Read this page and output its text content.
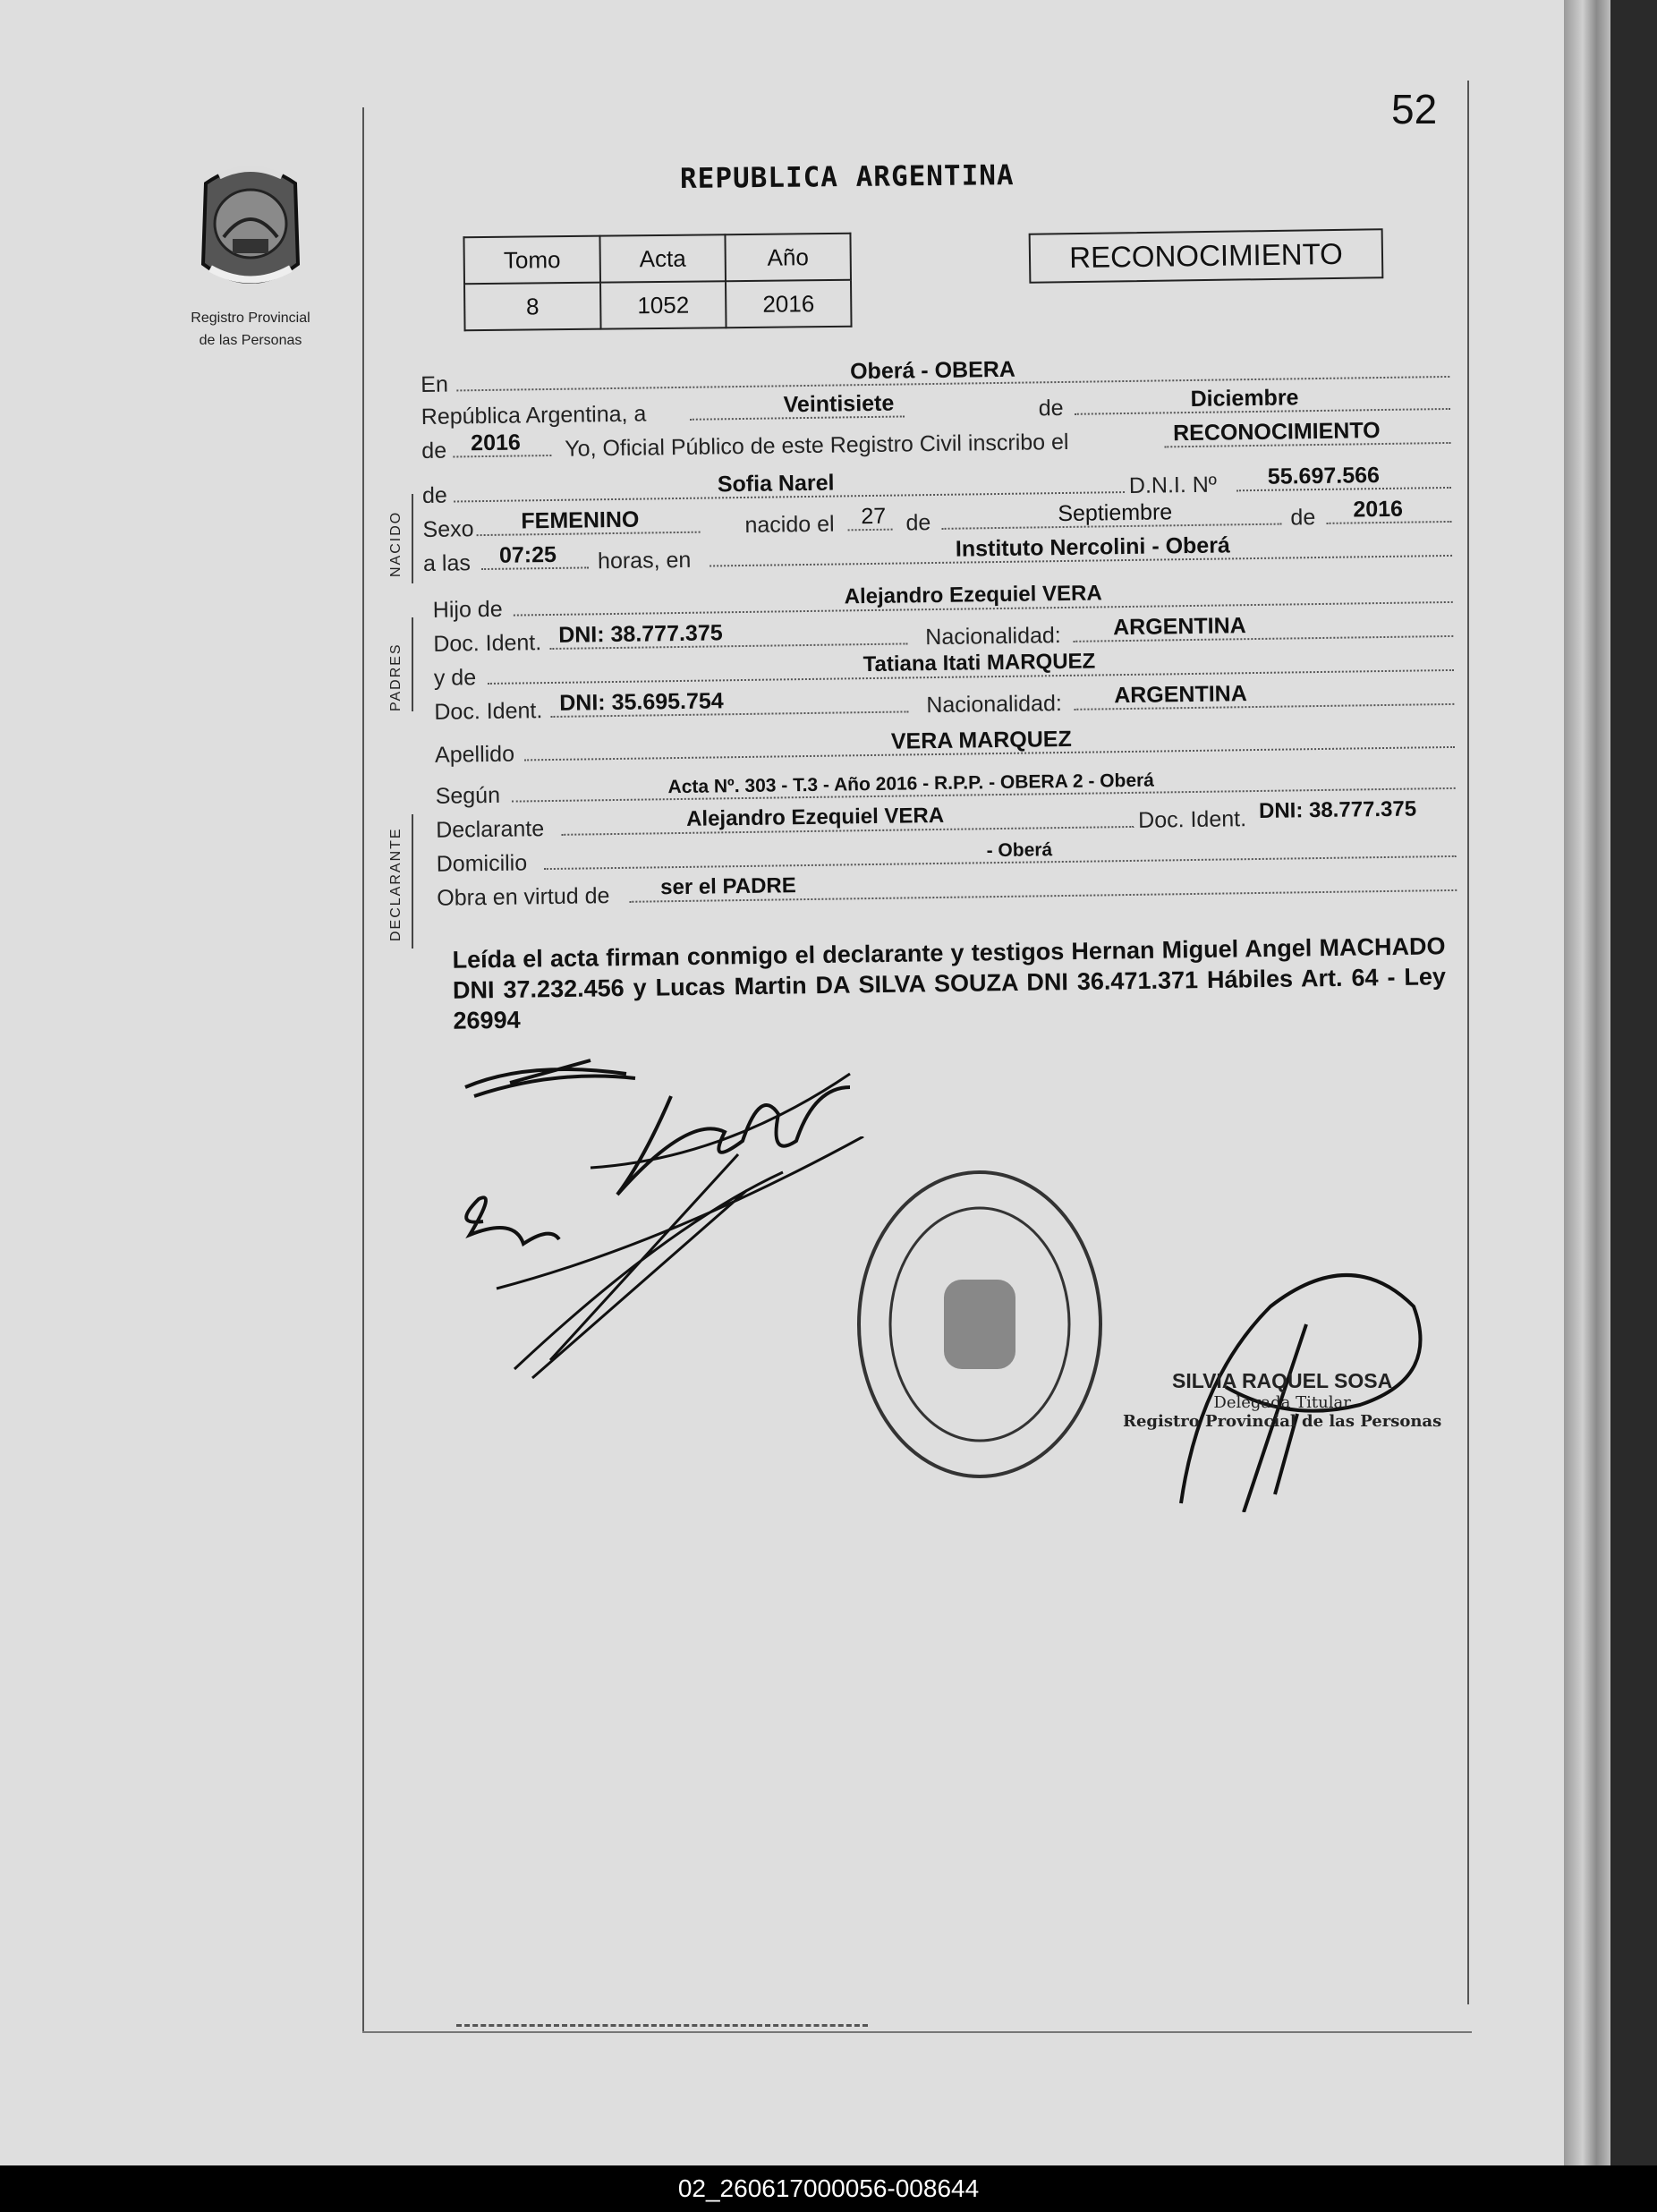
52
Registro Provincial
de las Personas
REPUBLICA ARGENTINA
Tomo	Acta	Año
8	1052	2016
RECONOCIMIENTO
NACIDO
PADRES
DECLARANTE
En
Oberá - OBERA
República Argentina, a	Veintisiete	de	Diciembre
de 2016 Yo, Oficial Público de este Registro Civil inscribo el	RECONOCIMIENTO
de	Sofia Narel	D.N.I. Nº 55.697.566
Sexo FEMENINO	nacido el 27 de	Septiembre	de 2016
a las 07:25 horas, en	Instituto Nercolini - Oberá
Hijo de
Alejandro Ezequiel VERA
Doc. Ident. DNI: 38.777.375	Nacionalidad: ARGENTINA
y de
Tatiana Itati MARQUEZ
Doc. Ident. DNI: 35.695.754	Nacionalidad: ARGENTINA
Apellido
VERA MARQUEZ
Según	Acta Nº. 303 - T.3 - Año 2016 - R.P.P. - OBERA 2 - Oberá
Declarante	Alejandro Ezequiel VERA	Doc. Ident. DNI: 38.777.375
Domicilio
- Oberá
Obra en virtud de ser el PADRE
Leída el acta firman conmigo el declarante y testigos Hernan Miguel Angel MACHADO DNI 37.232.456 y Lucas Martin DA SILVA SOUZA DNI 36.471.371 Hábiles Art. 64 - Ley 26994
SILVIA RAQUEL SOSA
Delegada Titular
Registro Provincial de las Personas
02_260617000056-008644
